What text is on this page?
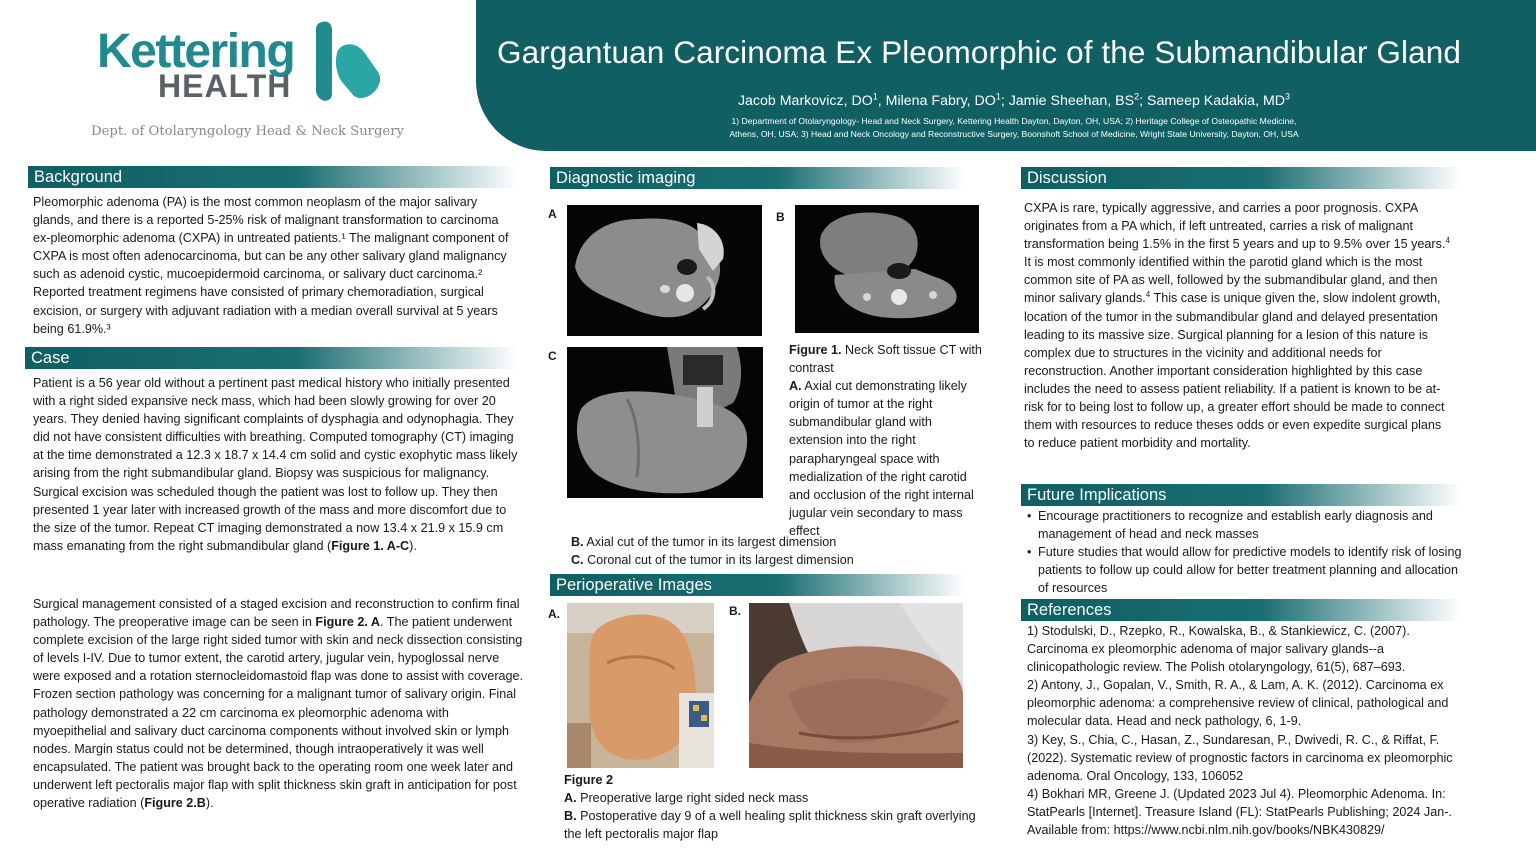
Gargantuan Carcinoma Ex Pleomorphic of the Submandibular Gland
Jacob Markovicz, $DO^1$, Milena Fabry, $DO^1$; Jamie Sheehan, $BS^2$; Sameep Kadakia, $MD^3$
1) Department of Otolaryngology- Head and Neck Surgery, Kettering Health Dayton, Dayton, OH, USA; 2) Heritage College of Osteopathic Medicine,
Athens, OH, USA; 3) Head and Neck Oncology and Reconstructive Surgery, Boonshoft School of Medicine, Wright State University, Dayton, OH, USA
Kettering
HEALTH
Dept. of Otolaryngology Head & Neck Surgery
Background
Pleomorphic adenoma (PA) is the most common neoplasm of the major salivary glands, and there is a reported 5-25% risk of malignant transformation to carcinoma ex-pleomorphic adenoma (CXPA) in untreated patients.¹ The malignant component of CXPA is most often adenocarcinoma, but can be any other salivary gland malignancy such as adenoid cystic, mucoepidermoid carcinoma, or salivary duct carcinoma.² Reported treatment regimens have consisted of primary chemoradiation, surgical excision, or surgery with adjuvant radiation with a median overall survival at 5 years being 61.9%.³
Case
Patient is a 56 year old without a pertinent past medical history who initially presented with a right sided expansive neck mass, which had been slowly growing for over 20 years. They denied having significant complaints of dysphagia and odynophagia. They did not have consistent difficulties with breathing. Computed tomography (CT) imaging at the time demonstrated a 12.3 x 18.7 x 14.4 cm solid and cystic exophytic mass likely arising from the right submandibular gland. Biopsy was suspicious for malignancy. Surgical excision was scheduled though the patient was lost to follow up. They then presented 1 year later with increased growth of the mass and more discomfort due to the size of the tumor. Repeat CT imaging demonstrated a now 13.4 x 21.9 x 15.9 cm mass emanating from the right submandibular gland (Figure 1. A-C).
Surgical management consisted of a staged excision and reconstruction to confirm final pathology. The preoperative image can be seen in Figure 2. A. The patient underwent complete excision of the large right sided tumor with skin and neck dissection consisting of levels I-IV. Due to tumor extent, the carotid artery, jugular vein, hypoglossal nerve were exposed and a rotation sternocleidomastoid flap was done to assist with coverage. Frozen section pathology was concerning for a malignant tumor of salivary origin. Final pathology demonstrated a 22 cm carcinoma ex pleomorphic adenoma with myoepithelial and salivary duct carcinoma components without involved skin or lymph nodes. Margin status could not be determined, though intraoperatively it was well encapsulated. The patient was brought back to the operating room one week later and underwent left pectoralis major flap with split thickness skin graft in anticipation for post operative radiation (Figure 2.B).
Diagnostic imaging
A	B
C	Figure 1. Neck Soft tissue CT with contrast
A. Axial cut demonstrating likely origin of tumor at the right submandibular gland with extension into the right parapharyngeal space with medialization of the right carotid and occlusion of the right internal jugular vein secondary to mass effect
B. Axial cut of the tumor in its largest dimension
C. Coronal cut of the tumor in its largest dimension
Perioperative Images
A.	B.
Figure 2
A. Preoperative large right sided neck mass
B. Postoperative day 9 of a well healing split thickness skin graft overlying the left pectoralis major flap
Discussion
CXPA is rare, typically aggressive, and carries a poor prognosis. CXPA originates from a PA which, if left untreated, carries a risk of malignant transformation being 1.5% in the first 5 years and up to 9.5% over 15 years.$^4$ It is most commonly identified within the parotid gland which is the most common site of PA as well, followed by the submandibular gland, and then minor salivary glands.$^4$ This case is unique given the, slow indolent growth, location of the tumor in the submandibular gland and delayed presentation leading to its massive size. Surgical planning for a lesion of this nature is complex due to structures in the vicinity and additional needs for reconstruction. Another important consideration highlighted by this case includes the need to assess patient reliability. If a patient is known to be at-risk for to being lost to follow up, a greater effort should be made to connect them with resources to reduce theses odds or even expedite surgical plans to reduce patient morbidity and mortality.
Future Implications
• Encourage practitioners to recognize and establish early diagnosis and management of head and neck masses
• Future studies that would allow for predictive models to identify risk of losing patients to follow up could allow for better treatment planning and allocation of resources
References
1) Stodulski, D., Rzepko, R., Kowalska, B., & Stankiewicz, C. (2007). Carcinoma ex pleomorphic adenoma of major salivary glands--a clinicopathologic review. The Polish otolaryngology, 61(5), 687–693.
2) Antony, J., Gopalan, V., Smith, R. A., & Lam, A. K. (2012). Carcinoma ex pleomorphic adenoma: a comprehensive review of clinical, pathological and molecular data. Head and neck pathology, 6, 1-9.
3) Key, S., Chia, C., Hasan, Z., Sundaresan, P., Dwivedi, R. C., & Riffat, F. (2022). Systematic review of prognostic factors in carcinoma ex pleomorphic adenoma. Oral Oncology, 133, 106052
4) Bokhari MR, Greene J. (Updated 2023 Jul 4). Pleomorphic Adenoma. In: StatPearls [Internet]. Treasure Island (FL): StatPearls Publishing; 2024 Jan-. Available from: https://www.ncbi.nlm.nih.gov/books/NBK430829/
